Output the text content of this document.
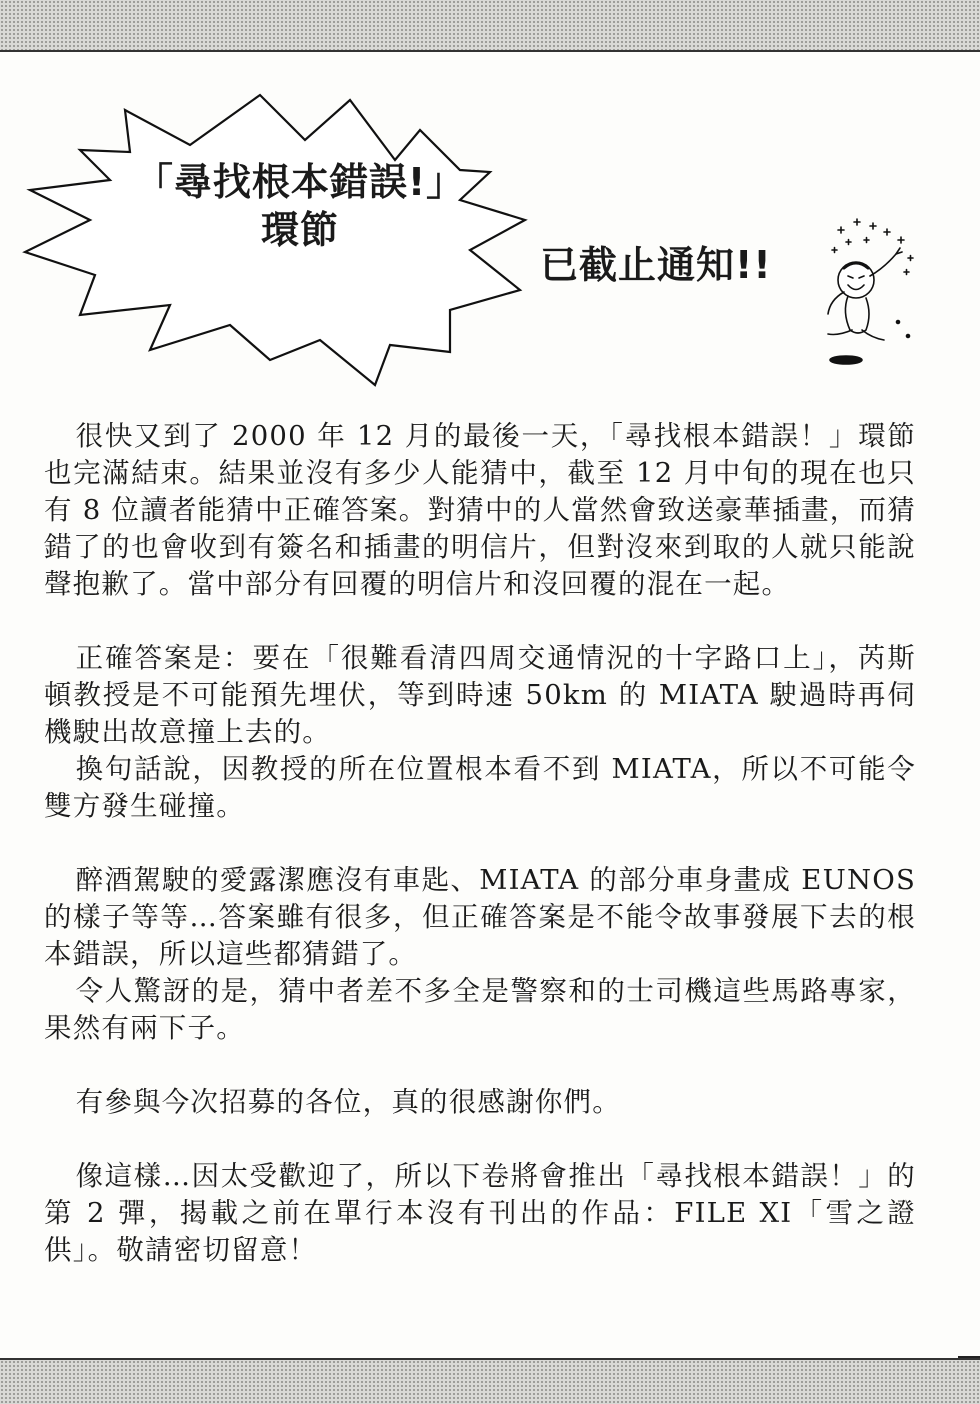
「尋找根本錯誤!」
環節
已截止通知!!

很快又到了 2000 年 12 月的最後一天，「尋找根本錯誤！」環節也完滿結束。結果並沒有多少人能猜中，截至 12 月中旬的現在也只有 8 位讀者能猜中正確答案。對猜中的人當然會致送豪華插畫，而猜錯了的也會收到有簽名和插畫的明信片，但對沒來到取的人就只能說聲抱歉了。當中部分有回覆的明信片和沒回覆的混在一起。

正確答案是：要在「很難看清四周交通情況的十字路口上」，芮斯頓教授是不可能預先埋伏，等到時速 50km 的 MIATA 駛過時再伺機駛出故意撞上去的。

換句話說，因教授的所在位置根本看不到 MIATA，所以不可能令雙方發生碰撞。

醉酒駕駛的愛露潔應沒有車匙、MIATA 的部分車身畫成 EUNOS 的樣子等等…答案雖有很多，但正確答案是不能令故事發展下去的根本錯誤，所以這些都猜錯了。

令人驚訝的是，猜中者差不多全是警察和的士司機這些馬路專家，果然有兩下子。

有參與今次招募的各位，真的很感謝你們。

像這樣…因太受歡迎了，所以下卷將會推出「尋找根本錯誤！」的第 2 彈，揭載之前在單行本沒有刊出的作品：FILE XI「雪之證供」。敬請密切留意！
